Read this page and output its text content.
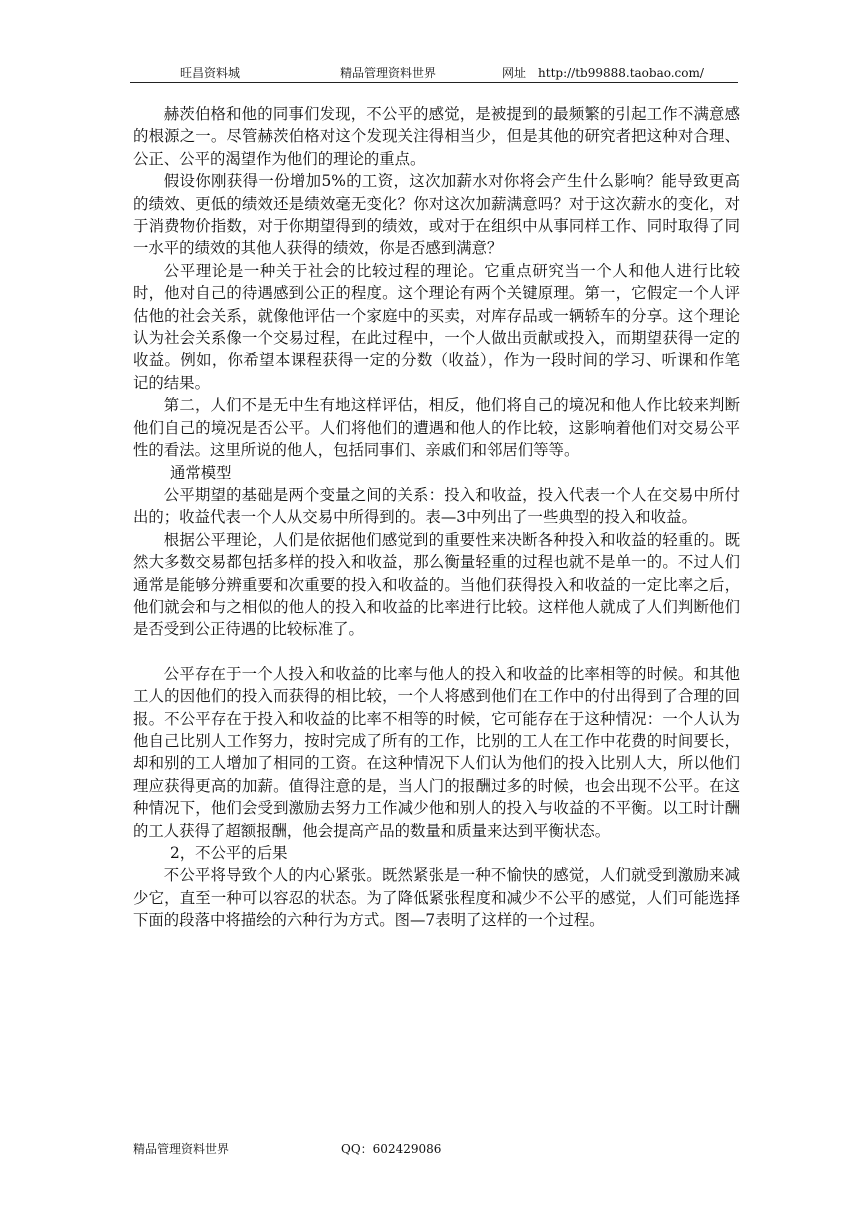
旺昌资料城	精品管理资料世界	网址 http://tb99888.taobao.com/

赫茨伯格和他的同事们发现，不公平的感觉，是被提到的最频繁的引起工作不满意感的根源之一。尽管赫茨伯格对这个发现关注得相当少，但是其他的研究者把这种对合理、公正、公平的渴望作为他们的理论的重点。

假设你刚获得一份增加5%的工资，这次加薪水对你将会产生什么影响？能导致更高的绩效、更低的绩效还是绩效毫无变化？你对这次加薪满意吗？对于这次薪水的变化，对于消费物价指数，对于你期望得到的绩效，或对于在组织中从事同样工作、同时取得了同一水平的绩效的其他人获得的绩效，你是否感到满意？

公平理论是一种关于社会的比较过程的理论。它重点研究当一个人和他人进行比较时，他对自己的待遇感到公正的程度。这个理论有两个关键原理。第一，它假定一个人评估他的社会关系，就像他评估一个家庭中的买卖，对库存品或一辆轿车的分享。这个理论认为社会关系像一个交易过程，在此过程中，一个人做出贡献或投入，而期望获得一定的收益。例如，你希望本课程获得一定的分数（收益），作为一段时间的学习、听课和作笔记的结果。

第二，人们不是无中生有地这样评估，相反，他们将自己的境况和他人作比较来判断他们自己的境况是否公平。人们将他们的遭遇和他人的作比较，这影响着他们对交易公平性的看法。这里所说的他人，包括同事们、亲戚们和邻居们等等。

通常模型

公平期望的基础是两个变量之间的关系：投入和收益，投入代表一个人在交易中所付出的；收益代表一个人从交易中所得到的。表—3中列出了一些典型的投入和收益。

根据公平理论，人们是依据他们感觉到的重要性来决断各种投入和收益的轻重的。既然大多数交易都包括多样的投入和收益，那么衡量轻重的过程也就不是单一的。不过人们通常是能够分辨重要和次重要的投入和收益的。当他们获得投入和收益的一定比率之后，他们就会和与之相似的他人的投入和收益的比率进行比较。这样他人就成了人们判断他们是否受到公正待遇的比较标准了。

公平存在于一个人投入和收益的比率与他人的投入和收益的比率相等的时候。和其他工人的因他们的投入而获得的相比较，一个人将感到他们在工作中的付出得到了合理的回报。不公平存在于投入和收益的比率不相等的时候，它可能存在于这种情况：一个人认为他自己比别人工作努力，按时完成了所有的工作，比别的工人在工作中花费的时间要长，却和别的工人增加了相同的工资。在这种情况下人们认为他们的投入比别人大，所以他们理应获得更高的加薪。值得注意的是，当人门的报酬过多的时候，也会出现不公平。在这种情况下，他们会受到激励去努力工作减少他和别人的投入与收益的不平衡。以工时计酬的工人获得了超额报酬，他会提高产品的数量和质量来达到平衡状态。

2，不公平的后果

不公平将导致个人的内心紧张。既然紧张是一种不愉快的感觉，人们就受到激励来减少它，直至一种可以容忍的状态。为了降低紧张程度和减少不公平的感觉，人们可能选择下面的段落中将描绘的六种行为方式。图—7表明了这样的一个过程。

精品管理资料世界	QQ：602429086
